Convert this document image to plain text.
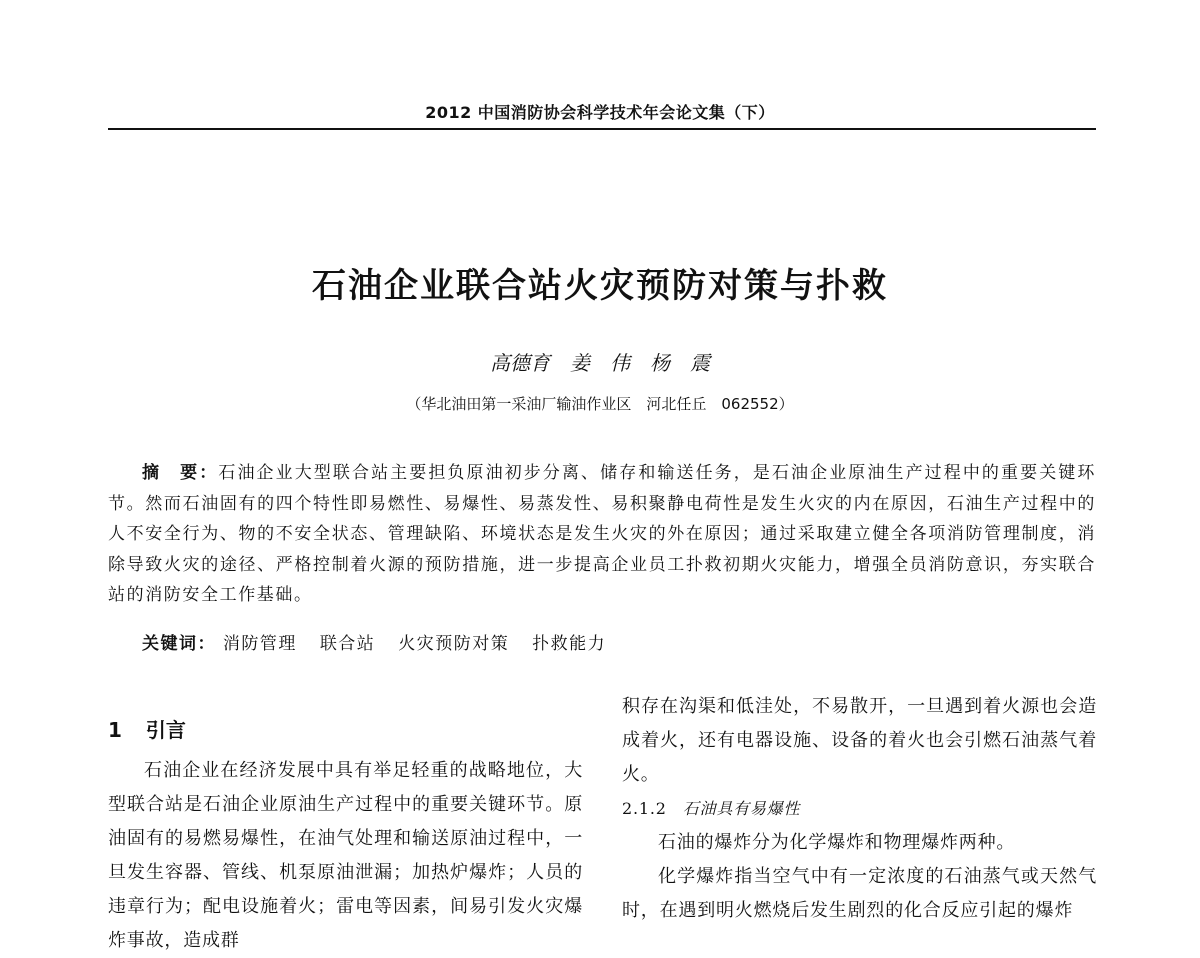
2012 中国消防协会科学技术年会论文集（下）
石油企业联合站火灾预防对策与扑救
高德育　姜　伟　杨　震
（华北油田第一采油厂输油作业区　河北任丘　062552）

摘　要：石油企业大型联合站主要担负原油初步分离、储存和输送任务，是石油企业原油生产过程中的重要关键环节。然而石油固有的四个特性即易燃性、易爆性、易蒸发性、易积聚静电荷性是发生火灾的内在原因，石油生产过程中的人不安全行为、物的不安全状态、管理缺陷、环境状态是发生火灾的外在原因；通过采取建立健全各项消防管理制度，消除导致火灾的途径、严格控制着火源的预防措施，进一步提高企业员工扑救初期火灾能力，增强全员消防意识，夯实联合站的消防安全工作基础。

关键词： 消防管理 联合站 火灾预防对策 扑救能力
1 引言

石油企业在经济发展中具有举足轻重的战略地位，大型联合站是石油企业原油生产过程中的重要关键环节。原油固有的易燃易爆性，在油气处理和输送原油过程中，一旦发生容器、管线、机泵原油泄漏；加热炉爆炸；人员的违章行为；配电设施着火；雷电等因素，间易引发火灾爆炸事故，造成群

积存在沟渠和低洼处，不易散开，一旦遇到着火源也会造成着火，还有电器设施、设备的着火也会引燃石油蒸气着火。

2.1.2 石油具有易爆性

石油的爆炸分为化学爆炸和物理爆炸两种。

化学爆炸指当空气中有一定浓度的石油蒸气或天然气时，在遇到明火燃烧后发生剧烈的化合反应引起的爆炸
